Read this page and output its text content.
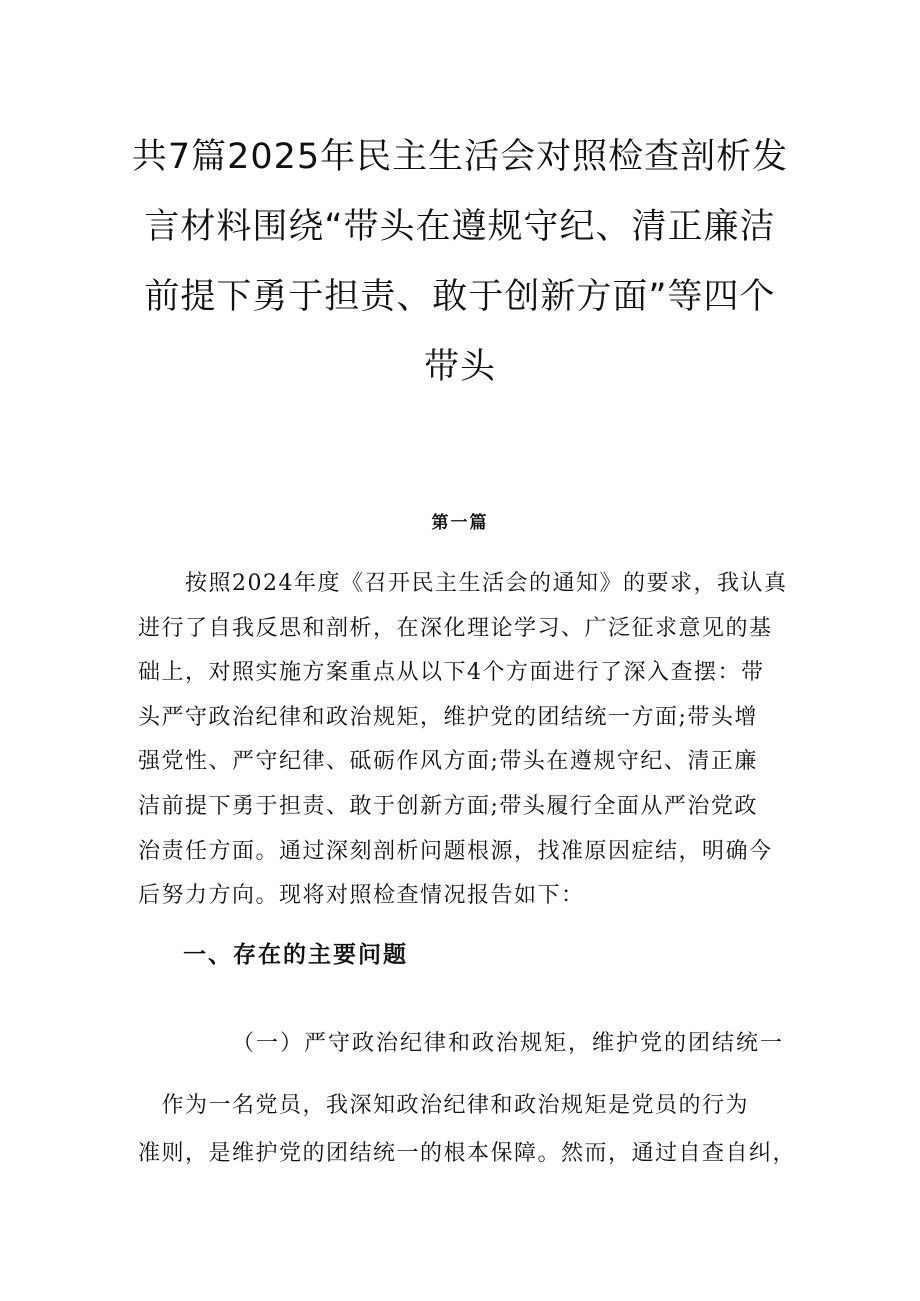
共7篇2025年民主生活会对照检查剖析发
言材料围绕“带头在遵规守纪、清正廉洁
前提下勇于担责、敢于创新方面”等四个
带头
第一篇
　　按照2024年度《召开民主生活会的通知》的要求，我认真
进行了自我反思和剖析，在深化理论学习、广泛征求意见的基
础上，对照实施方案重点从以下4个方面进行了深入查摆：带
头严守政治纪律和政治规矩，维护党的团结统一方面;带头增
强党性、严守纪律、砥砺作风方面;带头在遵规守纪、清正廉
洁前提下勇于担责、敢于创新方面;带头履行全面从严治党政
治责任方面。通过深刻剖析问题根源，找准原因症结，明确今
后努力方向。现将对照检查情况报告如下：
一、存在的主要问题
（一）严守政治纪律和政治规矩，维护党的团结统一
　作为一名党员，我深知政治纪律和政治规矩是党员的行为
准则，是维护党的团结统一的根本保障。然而，通过自查自纠，
